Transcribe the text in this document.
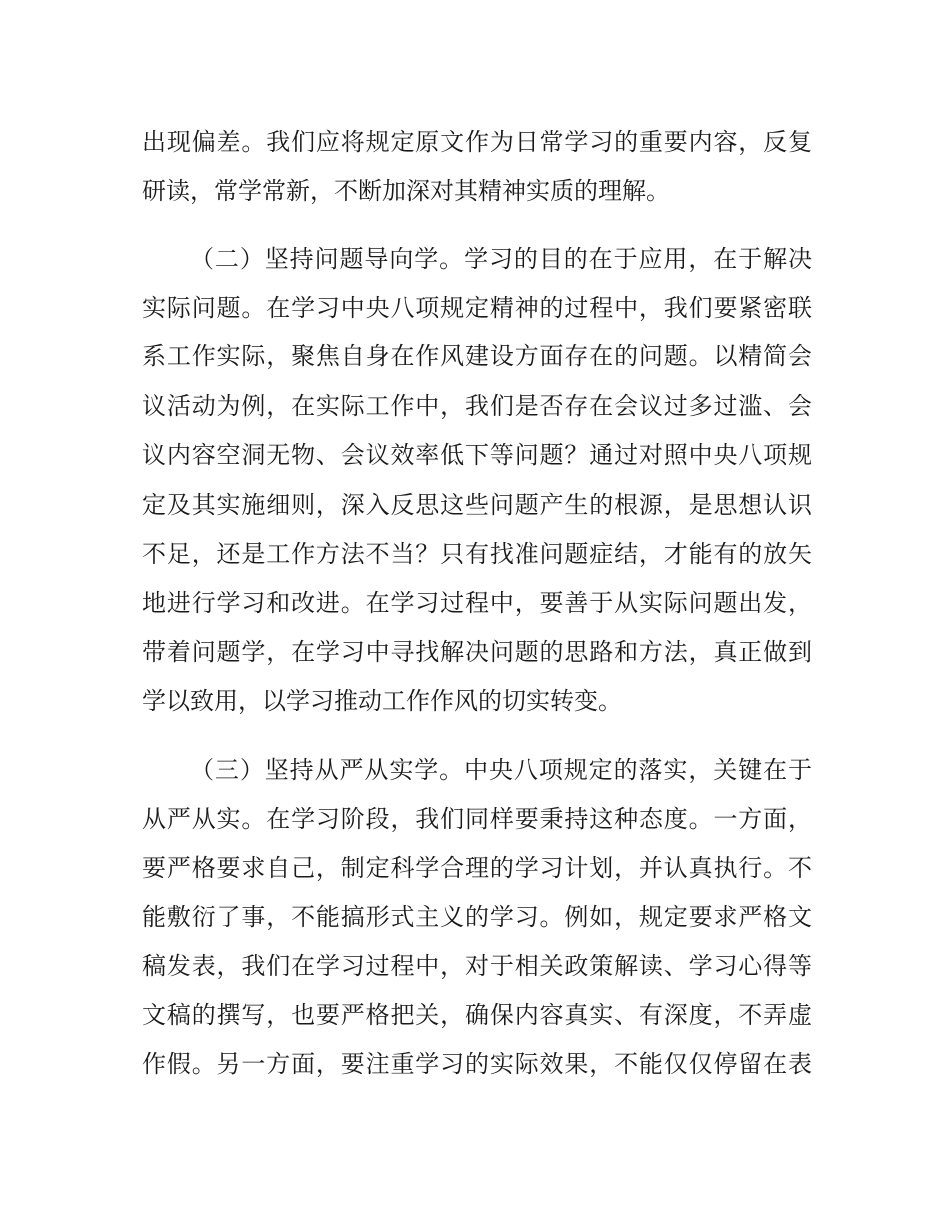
出现偏差。我们应将规定原文作为日常学习的重要内容，反复

研读，常学常新，不断加深对其精神实质的理解。

（二）坚持问题导向学。学习的目的在于应用，在于解决

实际问题。在学习中央八项规定精神的过程中，我们要紧密联

系工作实际，聚焦自身在作风建设方面存在的问题。以精简会

议活动为例，在实际工作中，我们是否存在会议过多过滥、会

议内容空洞无物、会议效率低下等问题？通过对照中央八项规

定及其实施细则，深入反思这些问题产生的根源，是思想认识

不足，还是工作方法不当？只有找准问题症结，才能有的放矢

地进行学习和改进。在学习过程中，要善于从实际问题出发，

带着问题学，在学习中寻找解决问题的思路和方法，真正做到

学以致用，以学习推动工作作风的切实转变。

（三）坚持从严从实学。中央八项规定的落实，关键在于

从严从实。在学习阶段，我们同样要秉持这种态度。一方面，

要严格要求自己，制定科学合理的学习计划，并认真执行。不

能敷衍了事，不能搞形式主义的学习。例如，规定要求严格文

稿发表，我们在学习过程中，对于相关政策解读、学习心得等

文稿的撰写，也要严格把关，确保内容真实、有深度，不弄虚

作假。另一方面，要注重学习的实际效果，不能仅仅停留在表
